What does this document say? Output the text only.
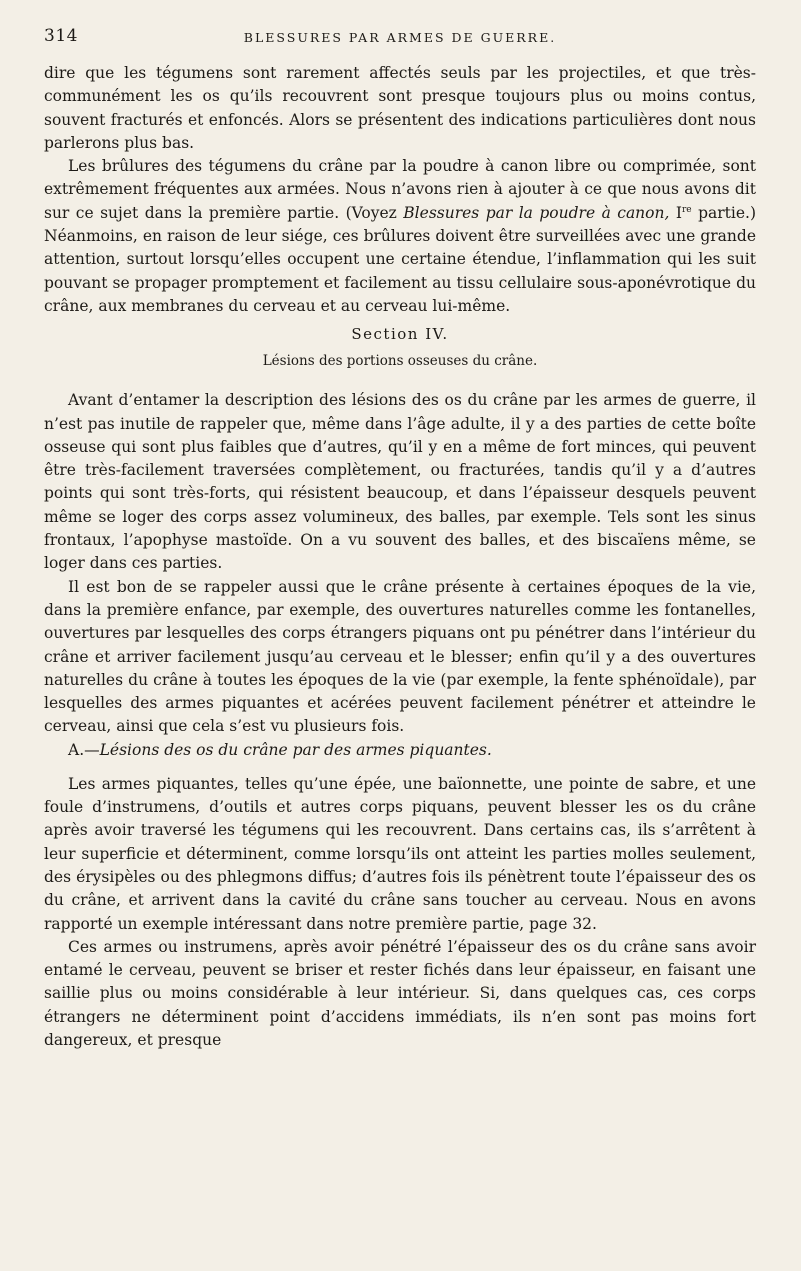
314	BLESSURES PAR ARMES DE GUERRE.

dire que les tégumens sont rarement affectés seuls par les projectiles, et que très-communément les os qu’ils recouvrent sont presque toujours plus ou moins contus, souvent fracturés et enfoncés. Alors se présentent des indications particulières dont nous parlerons plus bas.

Les brûlures des tégumens du crâne par la poudre à canon libre ou comprimée, sont extrêmement fréquentes aux armées. Nous n’avons rien à ajouter à ce que nous avons dit sur ce sujet dans la première partie. (Voyez Blessures par la poudre à canon, Ire partie.) Néanmoins, en raison de leur siége, ces brûlures doivent être surveillées avec une grande attention, surtout lorsqu’elles occupent une certaine étendue, l’inflammation qui les suit pouvant se propager promptement et facilement au tissu cellulaire sous-aponévrotique du crâne, aux membranes du cerveau et au cerveau lui-même.

Section IV.
Lésions des portions osseuses du crâne.

Avant d’entamer la description des lésions des os du crâne par les armes de guerre, il n’est pas inutile de rappeler que, même dans l’âge adulte, il y a des parties de cette boîte osseuse qui sont plus faibles que d’autres, qu’il y en a même de fort minces, qui peuvent être très-facilement traversées complètement, ou fracturées, tandis qu’il y a d’autres points qui sont très-forts, qui résistent beaucoup, et dans l’épaisseur desquels peuvent même se loger des corps assez volumineux, des balles, par exemple. Tels sont les sinus frontaux, l’apophyse mastoïde. On a vu souvent des balles, et des biscaïens même, se loger dans ces parties.

Il est bon de se rappeler aussi que le crâne présente à certaines époques de la vie, dans la première enfance, par exemple, des ouvertures naturelles comme les fontanelles, ouvertures par lesquelles des corps étrangers piquans ont pu pénétrer dans l’intérieur du crâne et arriver facilement jusqu’au cerveau et le blesser; enfin qu’il y a des ouvertures naturelles du crâne à toutes les époques de la vie (par exemple, la fente sphénoïdale), par lesquelles des armes piquantes et acérées peuvent facilement pénétrer et atteindre le cerveau, ainsi que cela s’est vu plusieurs fois.

A.—Lésions des os du crâne par des armes piquantes.

Les armes piquantes, telles qu’une épée, une baïonnette, une pointe de sabre, et une foule d’instrumens, d’outils et autres corps piquans, peuvent blesser les os du crâne après avoir traversé les tégumens qui les recouvrent. Dans certains cas, ils s’arrêtent à leur superficie et déterminent, comme lorsqu’ils ont atteint les parties molles seulement, des érysipèles ou des phlegmons diffus; d’autres fois ils pénètrent toute l’épaisseur des os du crâne, et arrivent dans la cavité du crâne sans toucher au cerveau. Nous en avons rapporté un exemple intéressant dans notre première partie, page 32.

Ces armes ou instrumens, après avoir pénétré l’épaisseur des os du crâne sans avoir entamé le cerveau, peuvent se briser et rester fichés dans leur épaisseur, en faisant une saillie plus ou moins considérable à leur intérieur. Si, dans quelques cas, ces corps étrangers ne déterminent point d’accidens immédiats, ils n’en sont pas moins fort dangereux, et presque
